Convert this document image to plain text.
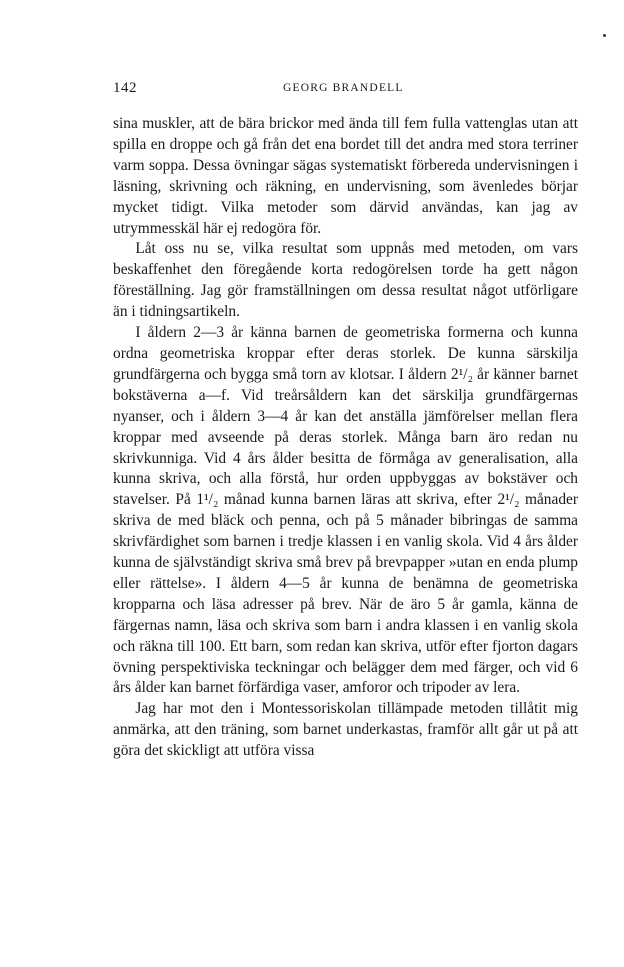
142	GEORG BRANDELL

sina muskler, att de bära brickor med ända till fem fulla vattenglas utan att spilla en droppe och gå från det ena bordet till det andra med stora terriner varm soppa. Dessa övningar sägas systematiskt förbereda undervisningen i läsning, skrivning och räkning, en undervisning, som ävenledes börjar mycket tidigt. Vilka metoder som därvid användas, kan jag av utrymmesskäl här ej redogöra för.

Låt oss nu se, vilka resultat som uppnås med metoden, om vars beskaffenhet den föregående korta redogörelsen torde ha gett någon föreställning. Jag gör framställningen om dessa resultat något utförligare än i tidningsartikeln.

I åldern 2—3 år känna barnen de geometriska formerna och kunna ordna geometriska kroppar efter deras storlek. De kunna särskilja grundfärgerna och bygga små torn av klotsar. I åldern 2¹/₂ år känner barnet bokstäverna a—f. Vid treårsåldern kan det särskilja grundfärgernas nyanser, och i åldern 3—4 år kan det anställa jämförelser mellan flera kroppar med avseende på deras storlek. Många barn äro redan nu skrivkunniga. Vid 4 års ålder besitta de förmåga av generalisation, alla kunna skriva, och alla förstå, hur orden uppbyggas av bokstäver och stavelser. På 1¹/₂ månad kunna barnen läras att skriva, efter 2¹/₂ månader skriva de med bläck och penna, och på 5 månader bibringas de samma skrivfärdighet som barnen i tredje klassen i en vanlig skola. Vid 4 års ålder kunna de självständigt skriva små brev på brevpapper »utan en enda plump eller rättelse». I åldern 4—5 år kunna de benämna de geometriska kropparna och läsa adresser på brev. När de äro 5 år gamla, känna de färgernas namn, läsa och skriva som barn i andra klassen i en vanlig skola och räkna till 100. Ett barn, som redan kan skriva, utför efter fjorton dagars övning perspektiviska teckningar och belägger dem med färger, och vid 6 års ålder kan barnet förfärdiga vaser, amforor och tripoder av lera.

Jag har mot den i Montessoriskolan tillämpade metoden tillåtit mig anmärka, att den träning, som barnet underkastas, framför allt går ut på att göra det skickligt att utföra vissa
